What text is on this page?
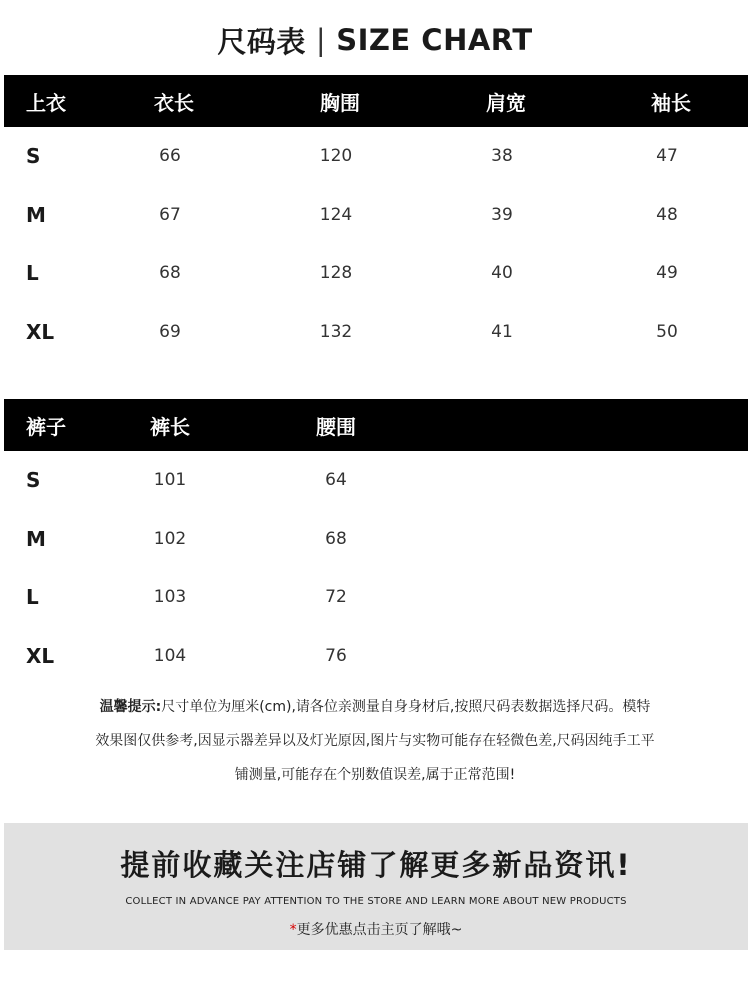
尺码表 | SIZE CHART
上衣	衣长	胸围	肩宽	袖长
S	66	120	38	47
M	67	124	39	48
L	68	128	40	49
XL	69	132	41	50
裤子	裤长	腰围
S	101	64
M	102	68
L	103	72
XL	104	76
温馨提示:尺寸单位为厘米(cm),请各位亲测量自身身材后,按照尺码表数据选择尺码。模特
效果图仅供参考,因显示器差异以及灯光原因,图片与实物可能存在轻微色差,尺码因纯手工平
铺测量,可能存在个别数值误差,属于正常范围!
提前收藏关注店铺了解更多新品资讯!
COLLECT IN ADVANCE PAY ATTENTION TO THE STORE AND LEARN MORE ABOUT NEW PRODUCTS
*更多优惠点击主页了解哦~
